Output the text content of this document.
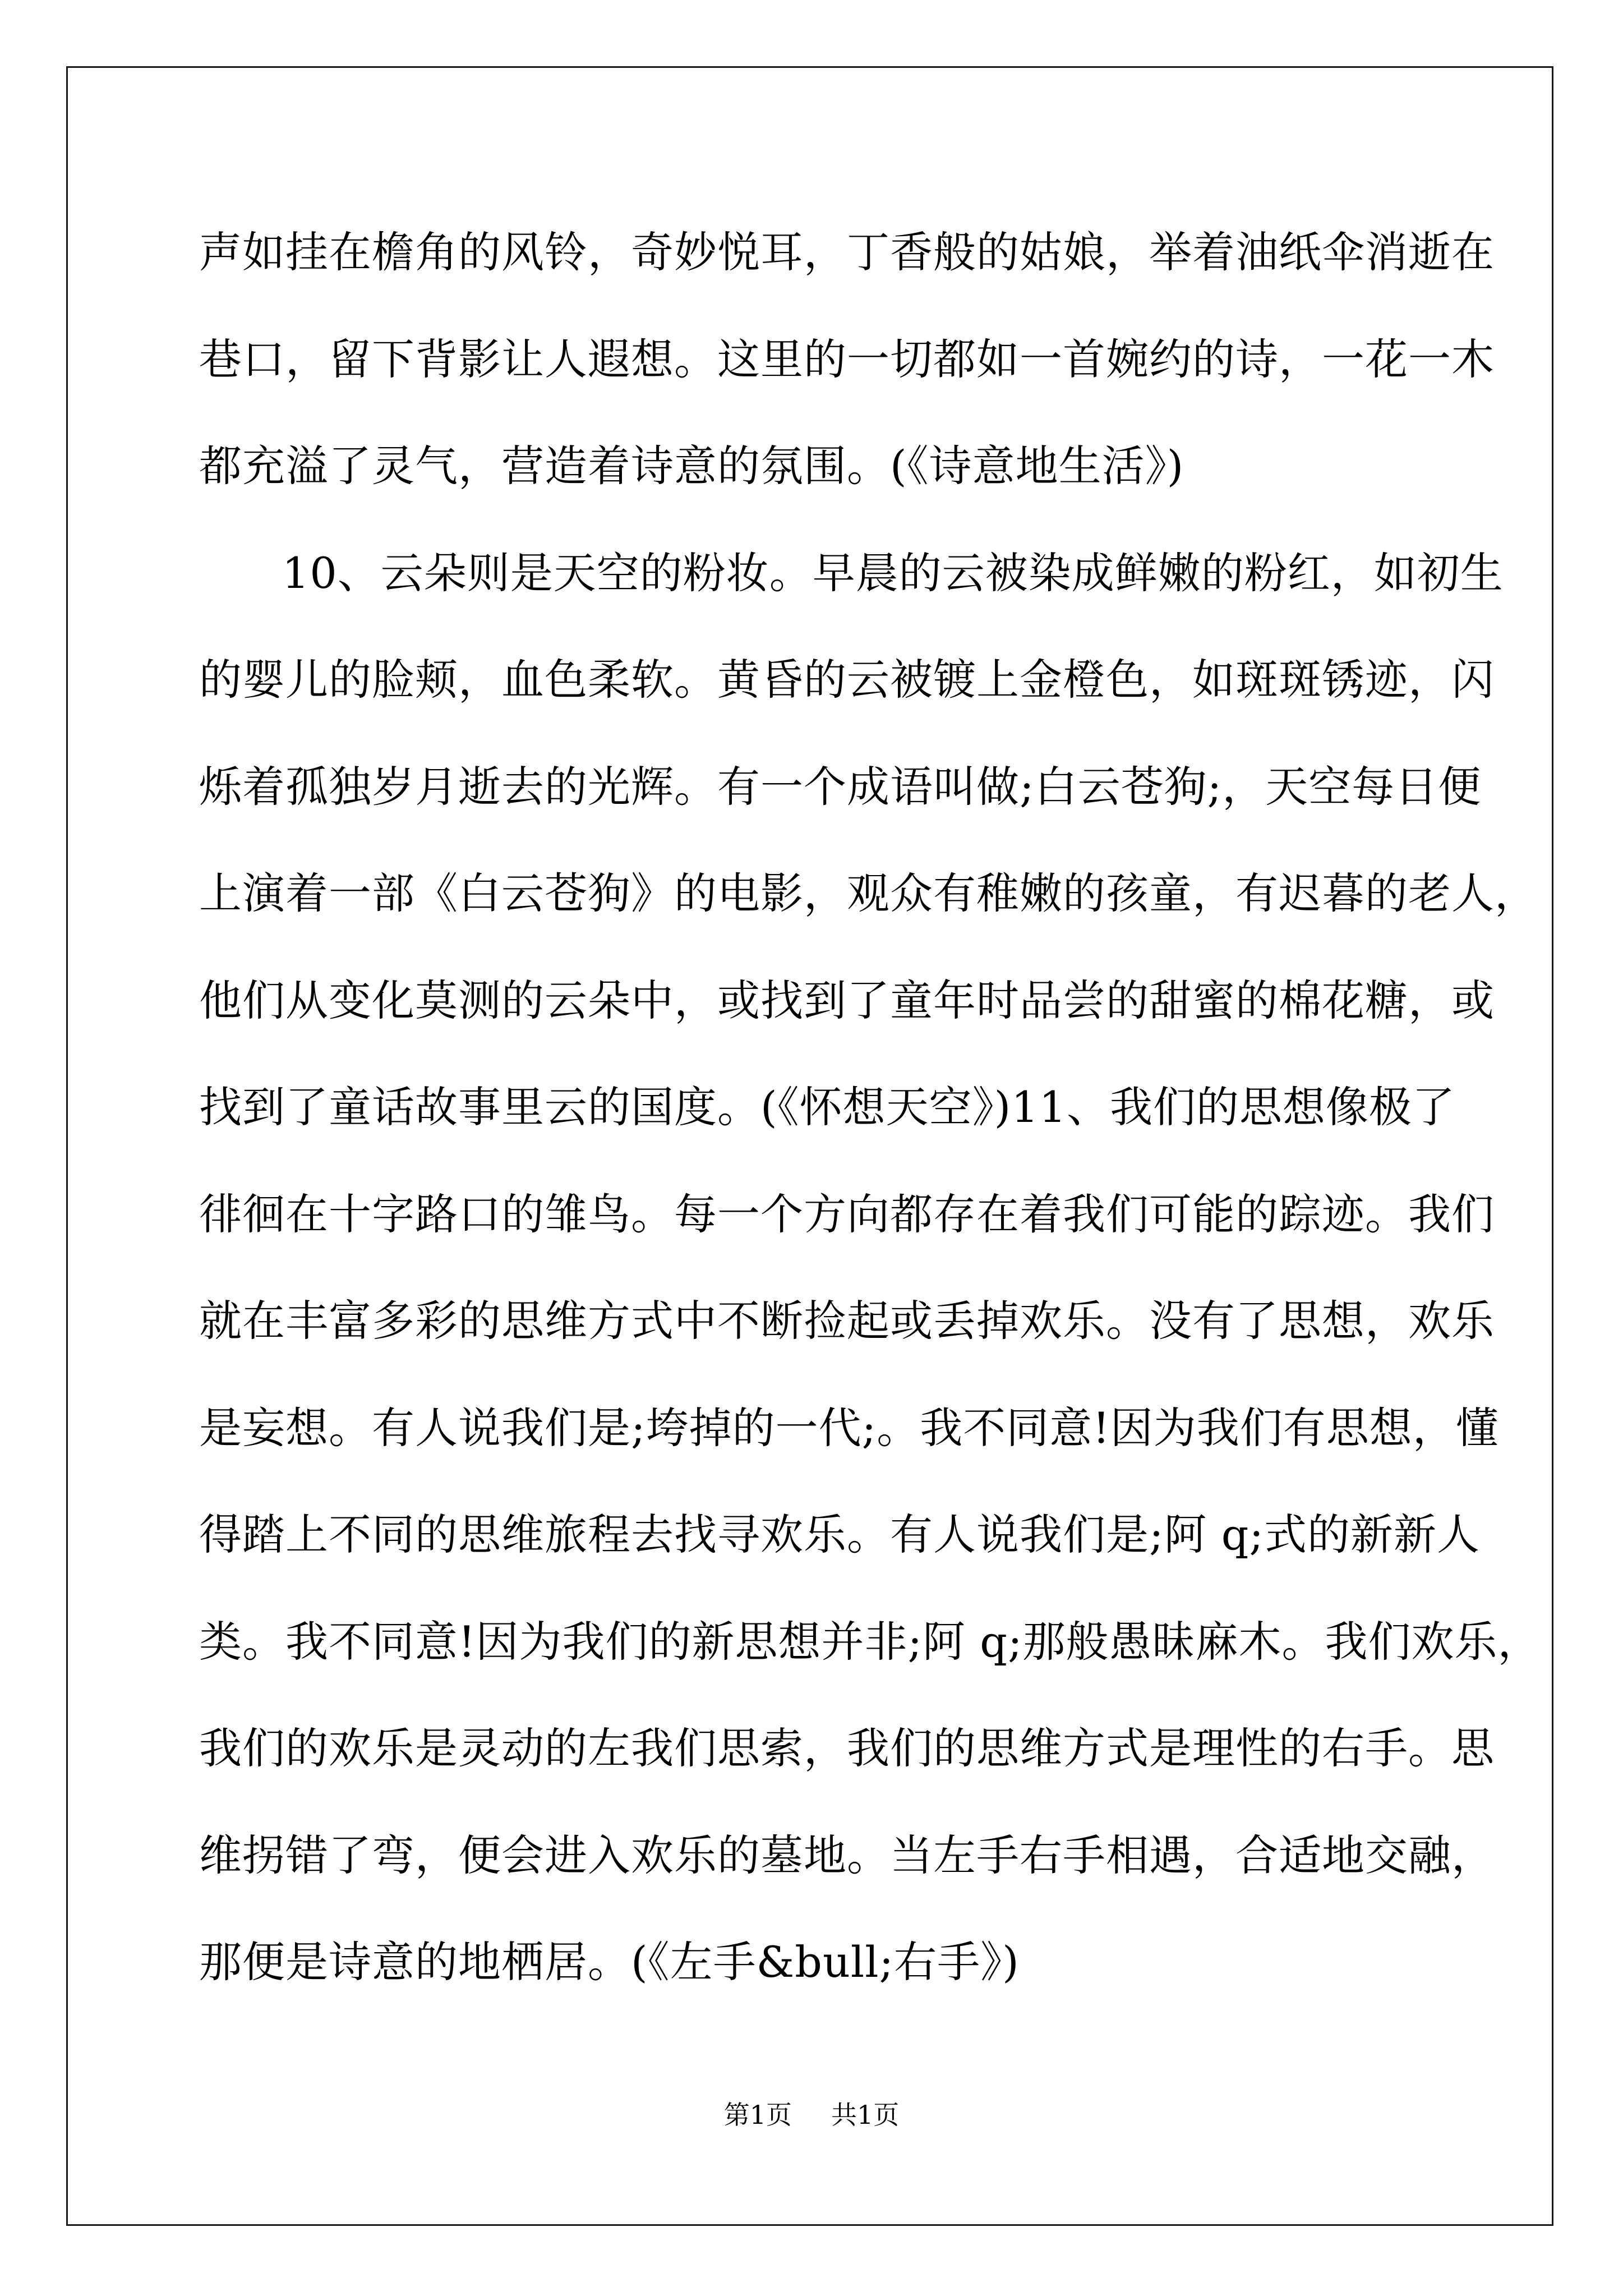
声如挂在檐角的风铃，奇妙悦耳，丁香般的姑娘，举着油纸伞消逝在
巷口，留下背影让人遐想。这里的一切都如一首婉约的诗，一花一木
都充溢了灵气，营造着诗意的氛围。(《诗意地生活》)
10、云朵则是天空的粉妆。早晨的云被染成鲜嫩的粉红，如初生
的婴儿的脸颊，血色柔软。黄昏的云被镀上金橙色，如斑斑锈迹，闪
烁着孤独岁月逝去的光辉。有一个成语叫做;白云苍狗;，天空每日便
上演着一部《白云苍狗》的电影，观众有稚嫩的孩童，有迟暮的老人，
他们从变化莫测的云朵中，或找到了童年时品尝的甜蜜的棉花糖，或
找到了童话故事里云的国度。(《怀想天空》)11、我们的思想像极了
徘徊在十字路口的雏鸟。每一个方向都存在着我们可能的踪迹。我们
就在丰富多彩的思维方式中不断捡起或丢掉欢乐。没有了思想，欢乐
是妄想。有人说我们是;垮掉的一代;。我不同意!因为我们有思想，懂
得踏上不同的思维旅程去找寻欢乐。有人说我们是;阿 q;式的新新人
类。我不同意!因为我们的新思想并非;阿 q;那般愚昧麻木。我们欢乐，
我们的欢乐是灵动的左我们思索，我们的思维方式是理性的右手。思
维拐错了弯，便会进入欢乐的墓地。当左手右手相遇，合适地交融，
那便是诗意的地栖居。(《左手&bull;右手》)
第1页 共1页
